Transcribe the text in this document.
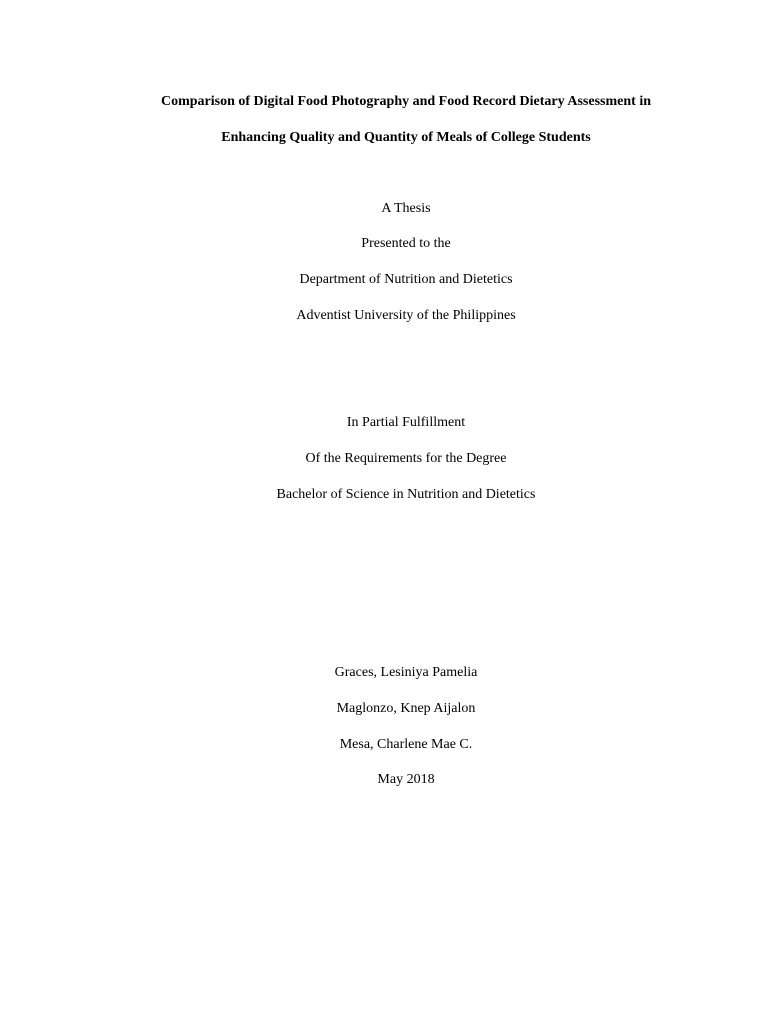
Comparison of Digital Food Photography and Food Record Dietary Assessment in
Enhancing Quality and Quantity of Meals of College Students
A Thesis
Presented to the
Department of Nutrition and Dietetics
Adventist University of the Philippines
In Partial Fulfillment
Of the Requirements for the Degree
Bachelor of Science in Nutrition and Dietetics
Graces, Lesiniya Pamelia
Maglonzo, Knep Aijalon
Mesa, Charlene Mae C.
May 2018
